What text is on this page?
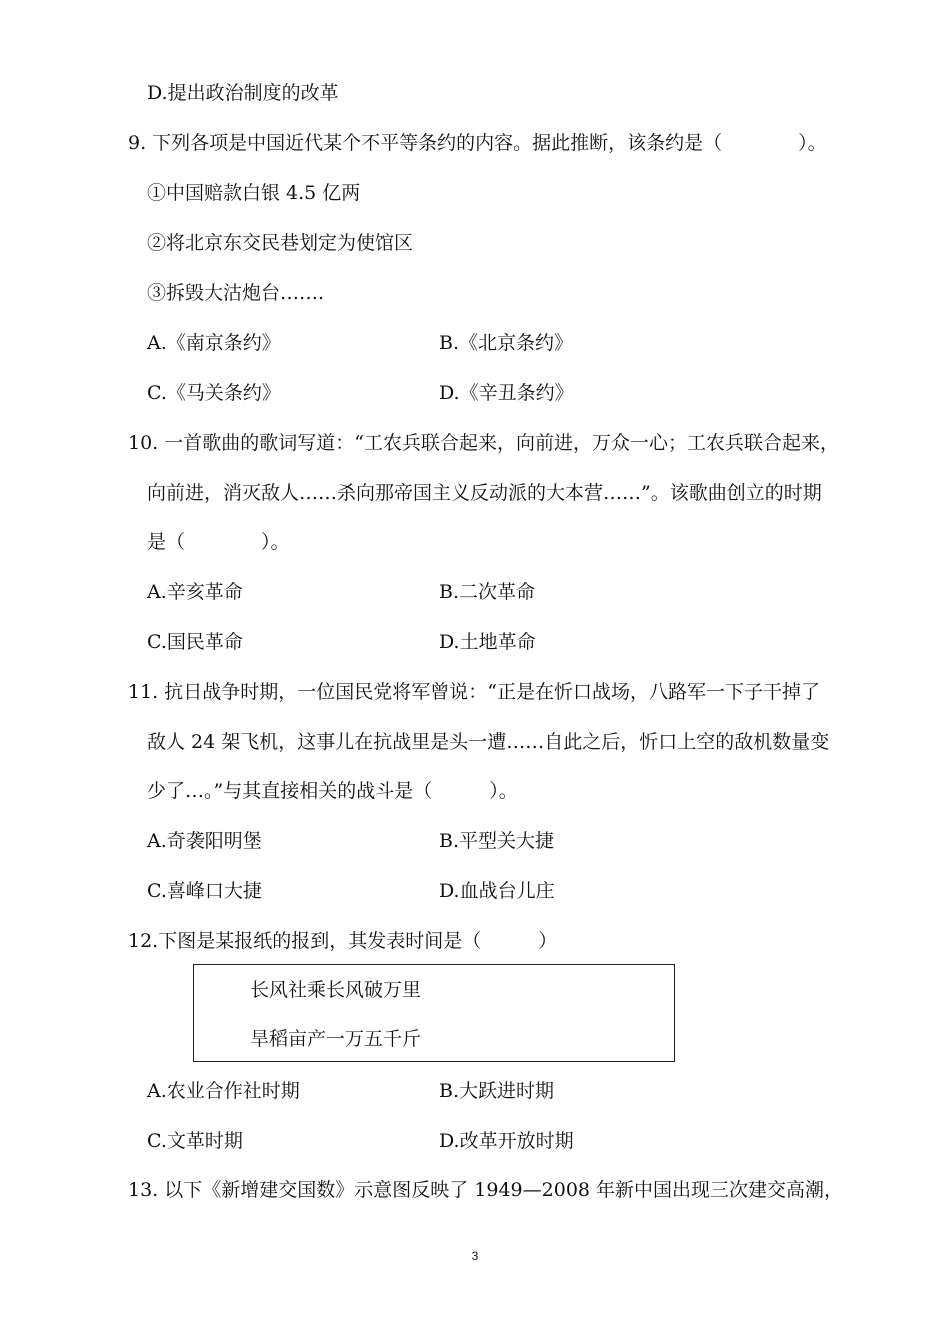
D.提出政治制度的改革
9. 下列各项是中国近代某个不平等条约的内容。据此推断，该条约是（　　　　）。
①中国赔款白银 4.5 亿两
②将北京东交民巷划定为使馆区
③拆毁大沽炮台…….
A.《南京条约》	B.《北京条约》
C.《马关条约》	D.《辛丑条约》
10. 一首歌曲的歌词写道：“工农兵联合起来，向前进，万众一心；工农兵联合起来，
向前进，消灭敌人……杀向那帝国主义反动派的大本营……”。该歌曲创立的时期
是（　　　　）。
A.辛亥革命	B.二次革命
C.国民革命	D.土地革命
11. 抗日战争时期，一位国民党将军曾说：“正是在忻口战场，八路军一下子干掉了
敌人 24 架飞机，这事儿在抗战里是头一遭……自此之后，忻口上空的敌机数量变
少了…。”与其直接相关的战斗是（　　　）。
A.奇袭阳明堡	B.平型关大捷
C.喜峰口大捷	D.血战台儿庄
12.下图是某报纸的报到，其发表时间是（　　　）
长风社乘长风破万里
旱稻亩产一万五千斤
A.农业合作社时期	B.大跃进时期
C.文革时期	D.改革开放时期
13. 以下《新增建交国数》示意图反映了 1949—2008 年新中国出现三次建交高潮，
3
